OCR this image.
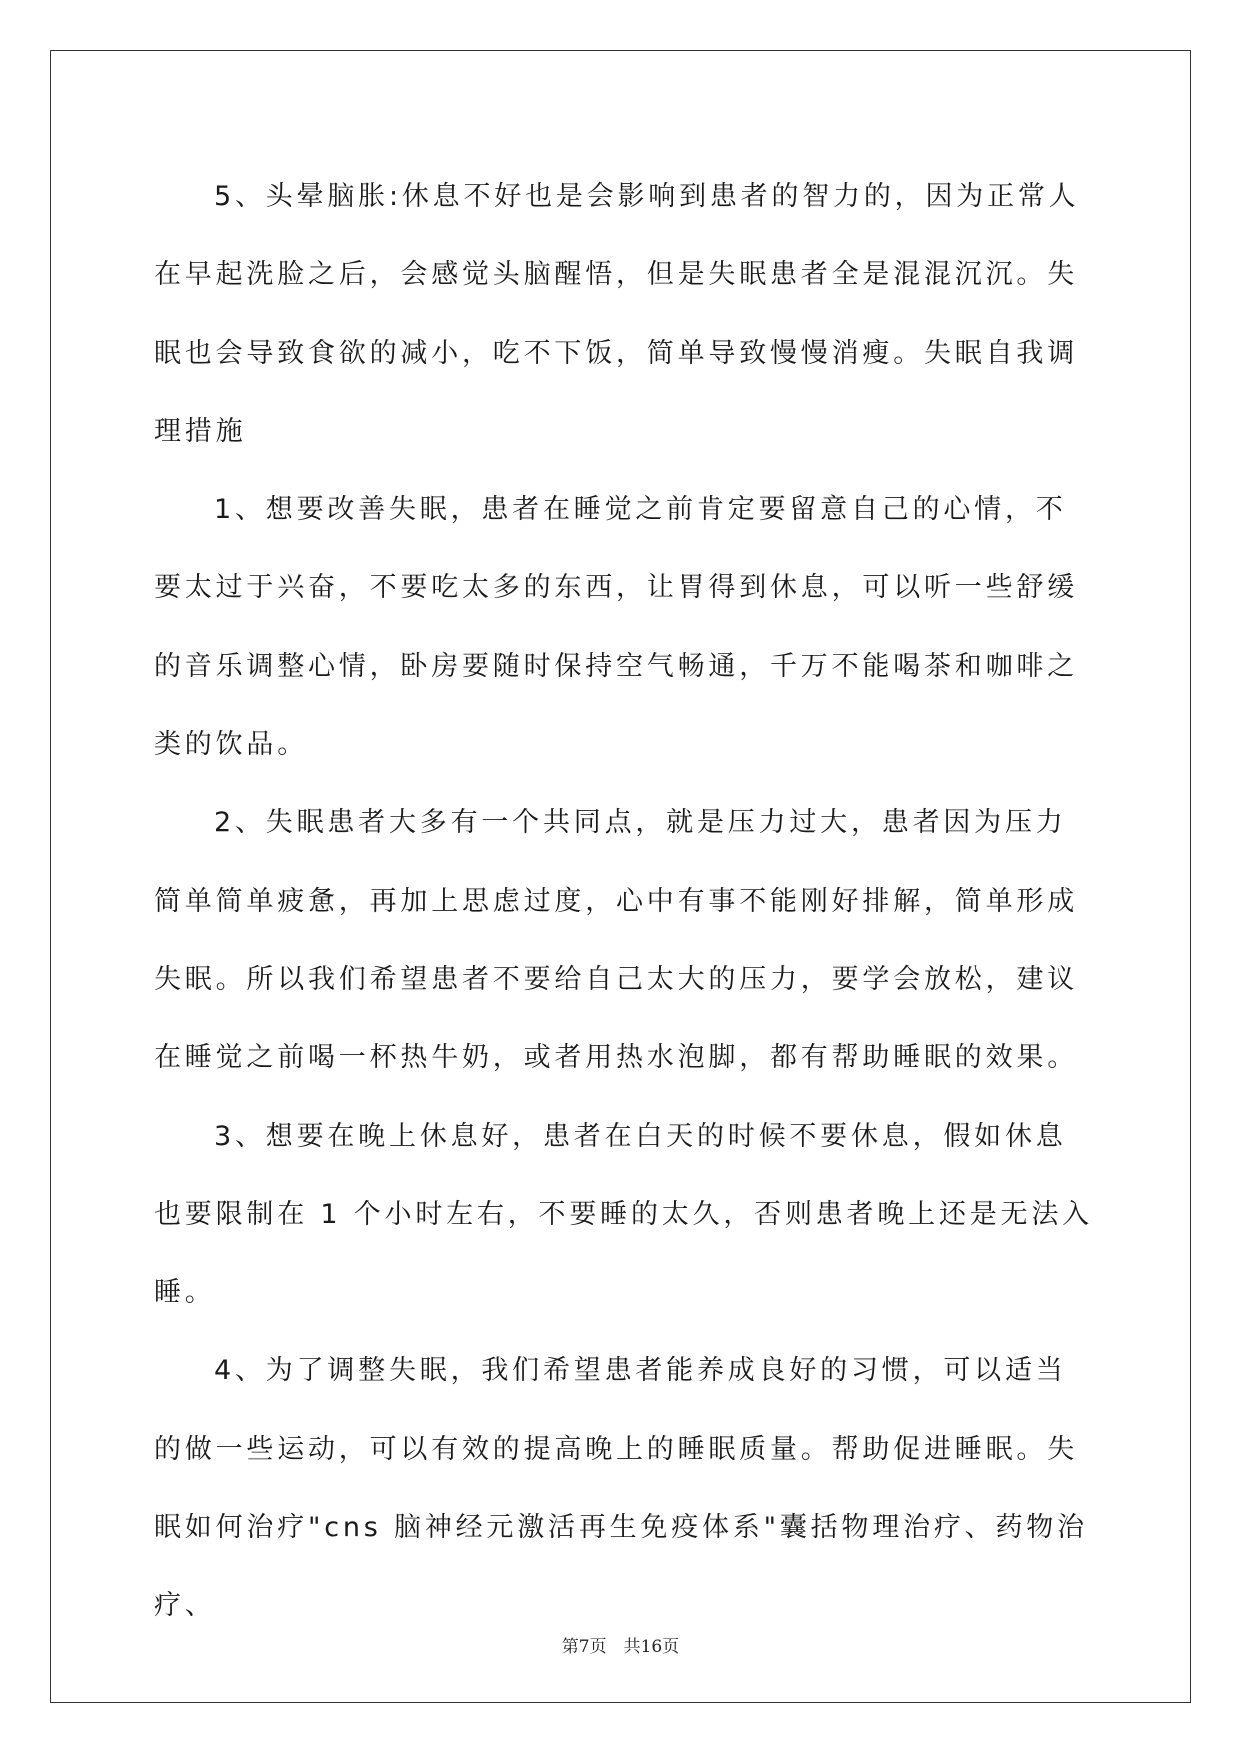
5、头晕脑胀:休息不好也是会影响到患者的智力的，因为正常人在早起洗脸之后，会感觉头脑醒悟，但是失眠患者全是混混沉沉。失眠也会导致食欲的减小，吃不下饭，简单导致慢慢消瘦。失眠自我调理措施

1、想要改善失眠，患者在睡觉之前肯定要留意自己的心情，不要太过于兴奋，不要吃太多的东西，让胃得到休息，可以听一些舒缓的音乐调整心情，卧房要随时保持空气畅通，千万不能喝茶和咖啡之类的饮品。

2、失眠患者大多有一个共同点，就是压力过大，患者因为压力简单简单疲惫，再加上思虑过度，心中有事不能刚好排解，简单形成失眠。所以我们希望患者不要给自己太大的压力，要学会放松，建议在睡觉之前喝一杯热牛奶，或者用热水泡脚，都有帮助睡眠的效果。

3、想要在晚上休息好，患者在白天的时候不要休息，假如休息也要限制在 1 个小时左右，不要睡的太久，否则患者晚上还是无法入睡。

4、为了调整失眠，我们希望患者能养成良好的习惯，可以适当的做一些运动，可以有效的提高晚上的睡眠质量。帮助促进睡眠。失眠如何治疗"cns 脑神经元激活再生免疫体系"囊括物理治疗、药物治疗、

第7页　共16页
